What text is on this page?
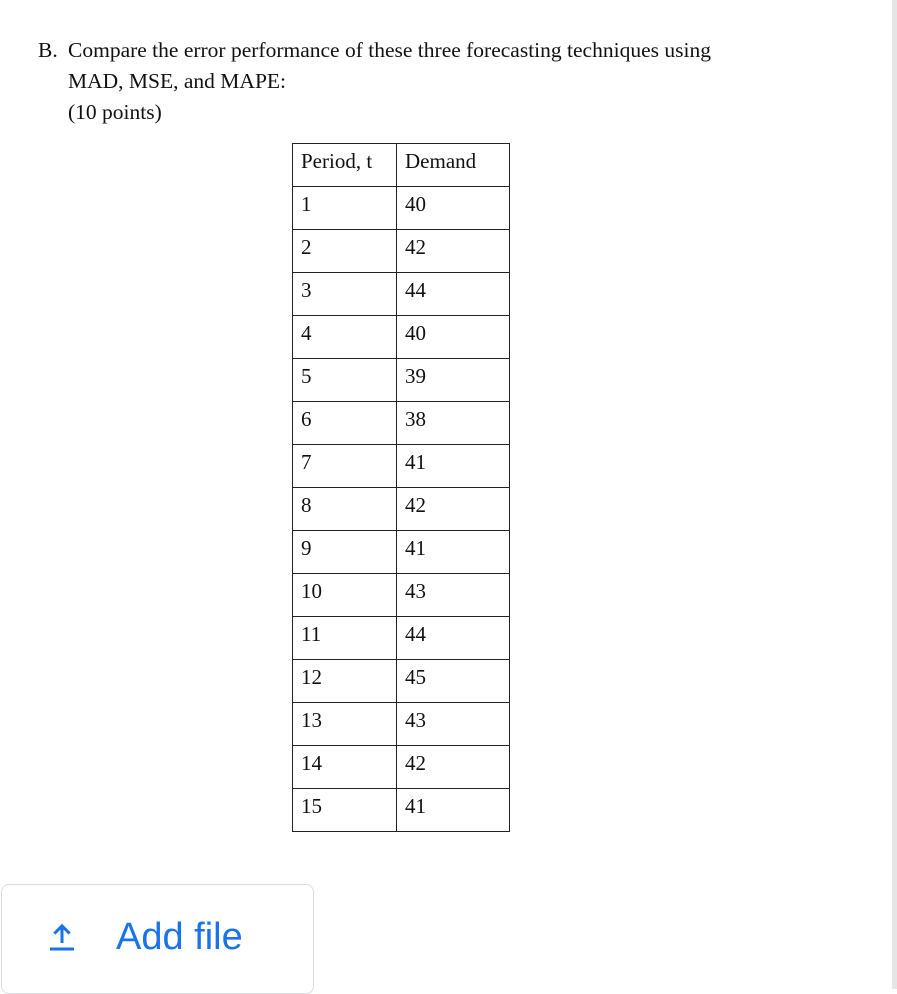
B. Compare the error performance of these three forecasting techniques using
MAD, MSE, and MAPE:
(10 points)
Period, t	Demand
1	40
2	42
3	44
4	40
5	39
6	38
7	41
8	42
9	41
10	43
11	44
12	45
13	43
14	42
15	41
Add file
